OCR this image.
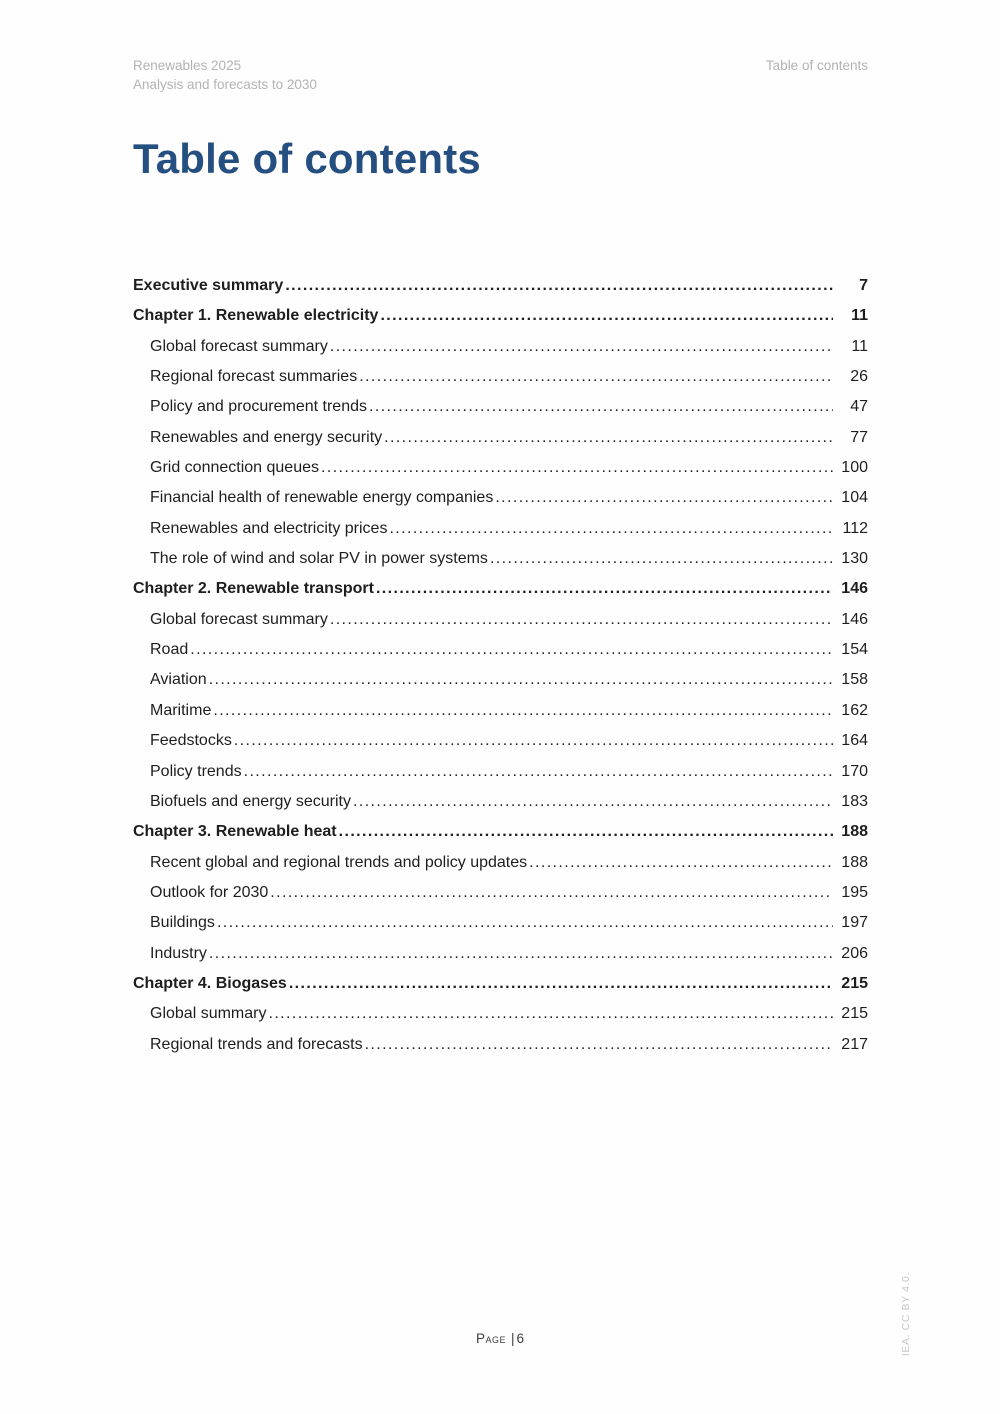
Renewables 2025
Analysis and forecasts to 2030
Table of contents
Table of contents
Executive summary .....	7
Chapter 1. Renewable electricity .....	11
Global forecast summary .....	11
Regional forecast summaries .....	26
Policy and procurement trends .....	47
Renewables and energy security .....	77
Grid connection queues .....	100
Financial health of renewable energy companies .....	104
Renewables and electricity prices .....	112
The role of wind and solar PV in power systems .....	130
Chapter 2. Renewable transport .....	146
Global forecast summary .....	146
Road .....	154
Aviation .....	158
Maritime .....	162
Feedstocks .....	164
Policy trends .....	170
Biofuels and energy security .....	183
Chapter 3. Renewable heat .....	188
Recent global and regional trends and policy updates .....	188
Outlook for 2030 .....	195
Buildings .....	197
Industry .....	206
Chapter 4. Biogases .....	215
Global summary .....	215
Regional trends and forecasts .....	217
Page | 6	IEA. CC BY 4.0.
